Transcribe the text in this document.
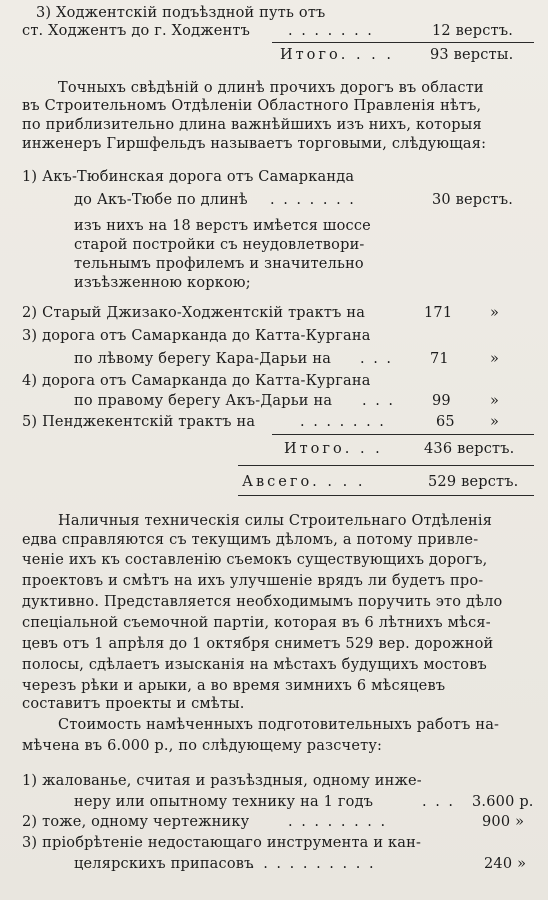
3) Ходжентскій подъѣздной путь отъ
ст. Ходжентъ до г. Ходжентъ	. . . . . . .	12 верстъ.
Итого. . . . 93 версты.
Точныхъ свѣдѣній о длинѣ прочихъ дорогъ въ области
въ Строительномъ Отдѣленіи Областного Правленія нѣтъ,
по приблизительно длина важнѣйшихъ изъ нихъ, которыя
инженеръ Гиршфельдъ называетъ торговыми, слѣдующая:
1) Акъ-Тюбинская дорога отъ Самарканда
до Акъ-Тюбе по длинѣ . . . . . . .	30 верстъ.
изъ нихъ на 18 верстъ имѣется шоссе
старой постройки съ неудовлетвори-
тельнымъ профилемъ и значительно
изъѣзженною коркою;
2) Старый Джизако-Ходжентскій трактъ на	171	»
3) дорога отъ Самарканда до Катта-Кургана
по лѣвому берегу Кара-Дарьи на . . .	71	»
4) дорога отъ Самарканда до Катта-Кургана
по правому берегу Акъ-Дарьи на . . .	99	»
5) Пенджекентскій трактъ на	. . . . . . .	65 »
Итого. . .	436 верстъ.
Авсего. . . .	529 верстъ.
Наличныя техническія силы Строительнаго Отдѣленія
едва справляются съ текущимъ дѣломъ, а потому привле-
ченіе ихъ къ составленію съемокъ существующихъ дорогъ,
проектовъ и смѣтъ на ихъ улучшеніе врядъ ли будетъ про-
дуктивно. Представляется необходимымъ поручить это дѣло
спеціальной съемочной партіи, которая въ 6 лѣтнихъ мѣся-
цевъ отъ 1 апрѣля до 1 октября сниметъ 529 вер. дорожной
полосы, сдѣлаетъ изысканія на мѣстахъ будущихъ мостовъ
черезъ рѣки и арыки, а во время зимнихъ 6 мѣсяцевъ
составитъ проекты и смѣты.
Стоимость намѣченныхъ подготовительныхъ работъ на-
мѣчена въ 6.000 р., по слѣдующему разсчету:
1) жалованье, считая и разъѣздныя, одному инже-
неру или опытному технику на 1 годъ	. . . 3.600 р.
2) тоже, одному чертежнику	. . . . . . . .	900 »
3) пріобрѣтеніе недостающаго инструмента и кан-
целярскихъ припасовъ
. . . . . . . . . .	240 »
